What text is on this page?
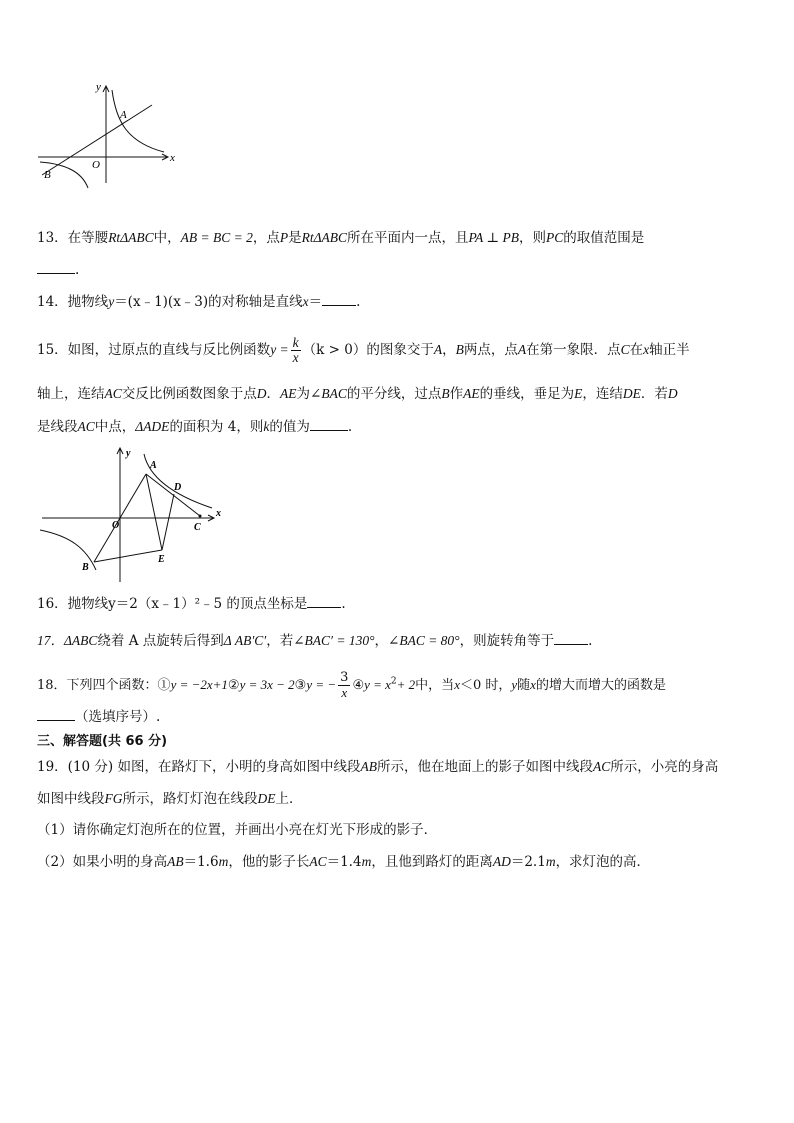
y
x
O
A
B
13．在等腰RtΔABC中，AB = BC = 2，点P是RtΔABC所在平面内一点，且PA ⊥ PB，则PC的取值范围是
.
14．抛物线y＝(x﹣1)(x﹣3)的对称轴是直线x＝	.
15．如图，过原点的直线与反比例函数$y = \frac{k}{x} (k > 0)$的图象交于A，B两点，点A在第一象限．点C在x轴正半
轴上，连结AC交反比例函数图象于点D．AE为∠BAC的平分线，过点B作AE的垂线，垂足为E，连结DE．若D
是线段AC中点，ΔADE的面积为 4，则k的值为	.
y
x
O
A
B
C
D
E
16．抛物线y＝2（x﹣1）²﹣5 的顶点坐标是	.
17．ΔABC绕着 A 点旋转后得到Δ AB′C′，若∠BAC′ = 130°，∠BAC = 80°，则旋转角等于	.
18．下列四个函数：①y = −2x+1②y = 3x − 2③y = − $\frac{3}{x}$ ④y = $x^2+ 2$中，当x＜0 时，y随x的增大而增大的函数是
（选填序号）.
三、解答题(共 66 分)
19．(10 分) 如图，在路灯下，小明的身高如图中线段AB所示，他在地面上的影子如图中线段AC所示，小亮的身高
如图中线段FG所示，路灯灯泡在线段DE上．
（1）请你确定灯泡所在的位置，并画出小亮在灯光下形成的影子．
（2）如果小明的身高AB＝1.6m，他的影子长AC＝1.4m，且他到路灯的距离AD＝2.1m，求灯泡的高．
